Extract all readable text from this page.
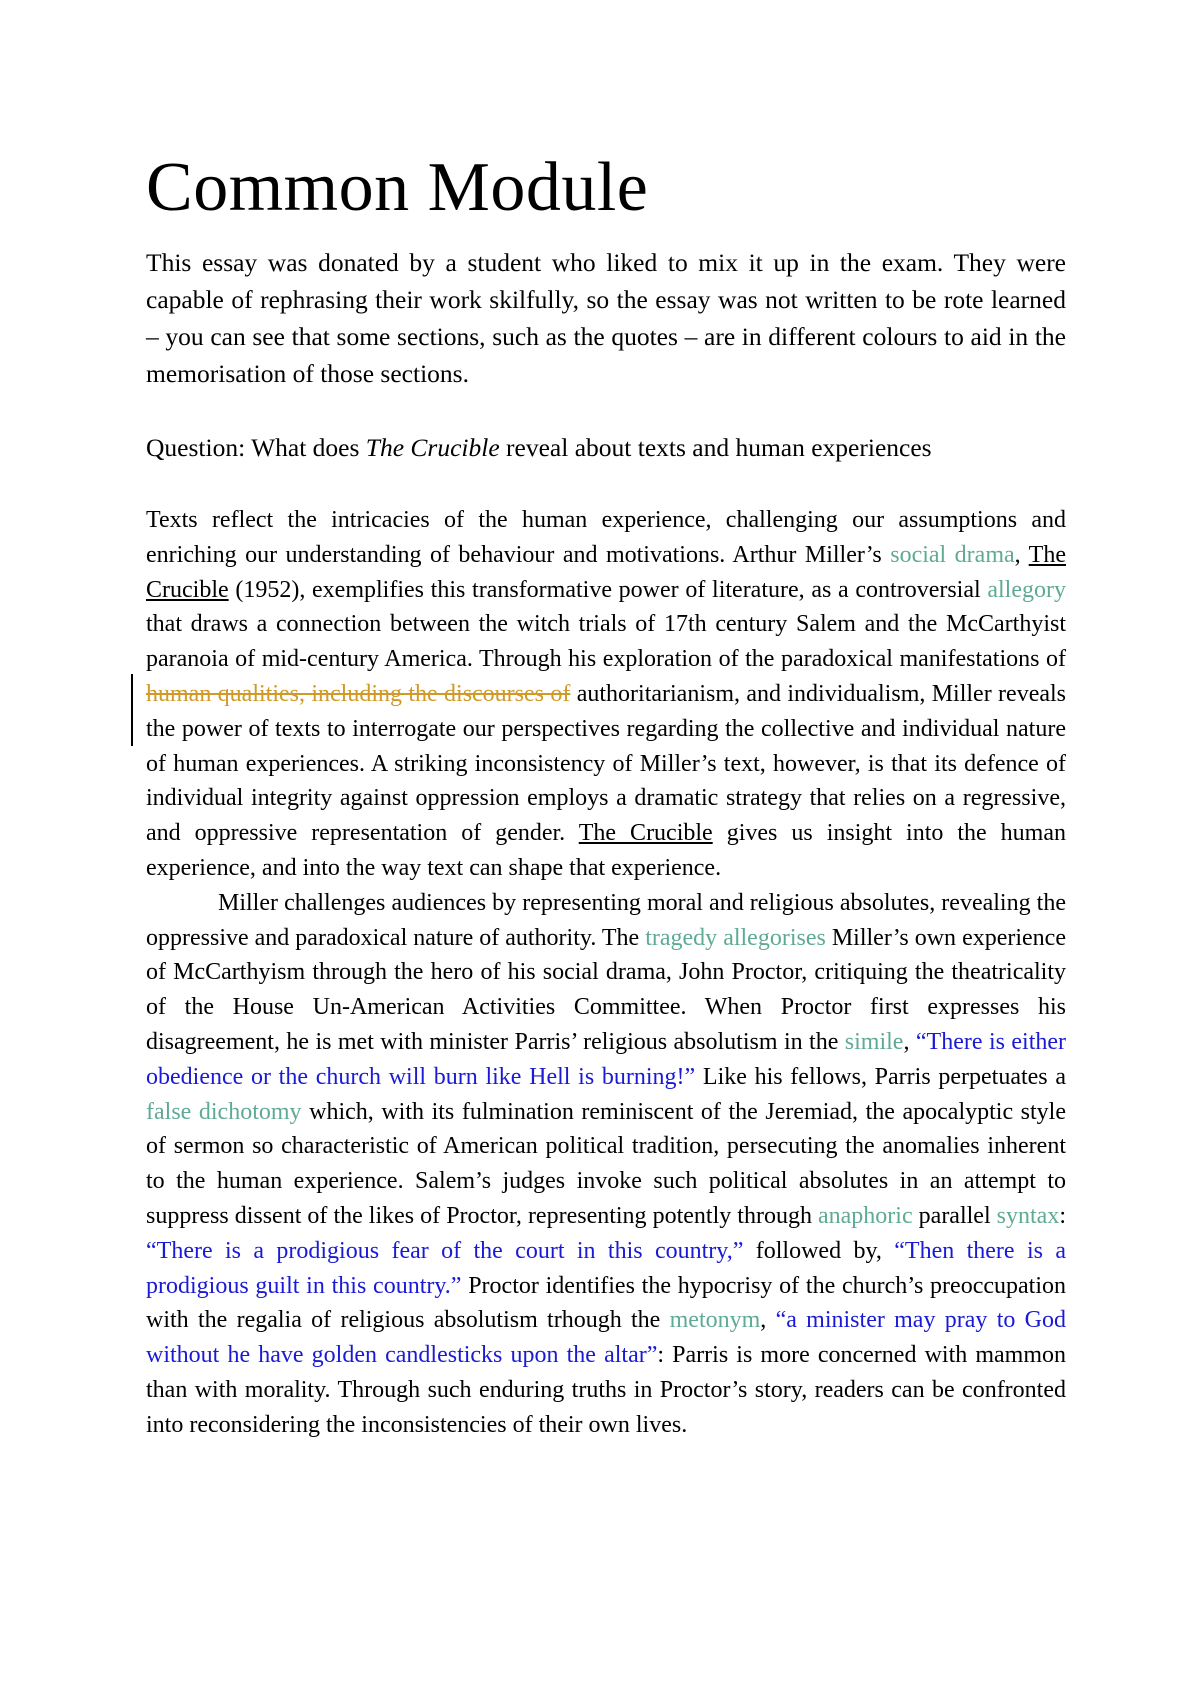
Common Module

This essay was donated by a student who liked to mix it up in the exam. They were capable of rephrasing their work skilfully, so the essay was not written to be rote learned – you can see that some sections, such as the quotes – are in different colours to aid in the memorisation of those sections.

Question: What does The Crucible reveal about texts and human experiences

Texts reflect the intricacies of the human experience, challenging our assumptions and enriching our understanding of behaviour and motivations. Arthur Miller’s social drama, The Crucible (1952), exemplifies this transformative power of literature, as a controversial allegory that draws a connection between the witch trials of 17th century Salem and the McCarthyist paranoia of mid-century America. Through his exploration of the paradoxical manifestations of human qualities, including the discourses of authoritarianism, and individualism, Miller reveals the power of texts to interrogate our perspectives regarding the collective and individual nature of human experiences. A striking inconsistency of Miller’s text, however, is that its defence of individual integrity against oppression employs a dramatic strategy that relies on a regressive, and oppressive representation of gender. The Crucible gives us insight into the human experience, and into the way text can shape that experience.

Miller challenges audiences by representing moral and religious absolutes, revealing the oppressive and paradoxical nature of authority. The tragedy allegorises Miller’s own experience of McCarthyism through the hero of his social drama, John Proctor, critiquing the theatricality of the House Un-American Activities Committee. When Proctor first expresses his disagreement, he is met with minister Parris’ religious absolutism in the simile, “There is either obedience or the church will burn like Hell is burning!” Like his fellows, Parris perpetuates a false dichotomy which, with its fulmination reminiscent of the Jeremiad, the apocalyptic style of sermon so characteristic of American political tradition, persecuting the anomalies inherent to the human experience. Salem’s judges invoke such political absolutes in an attempt to suppress dissent of the likes of Proctor, representing potently through anaphoric parallel syntax: “There is a prodigious fear of the court in this country,” followed by, “Then there is a prodigious guilt in this country.” Proctor identifies the hypocrisy of the church’s preoccupation with the regalia of religious absolutism trhough the metonym, “a minister may pray to God without he have golden candlesticks upon the altar”: Parris is more concerned with mammon than with morality. Through such enduring truths in Proctor’s story, readers can be confronted into reconsidering the inconsistencies of their own lives.
